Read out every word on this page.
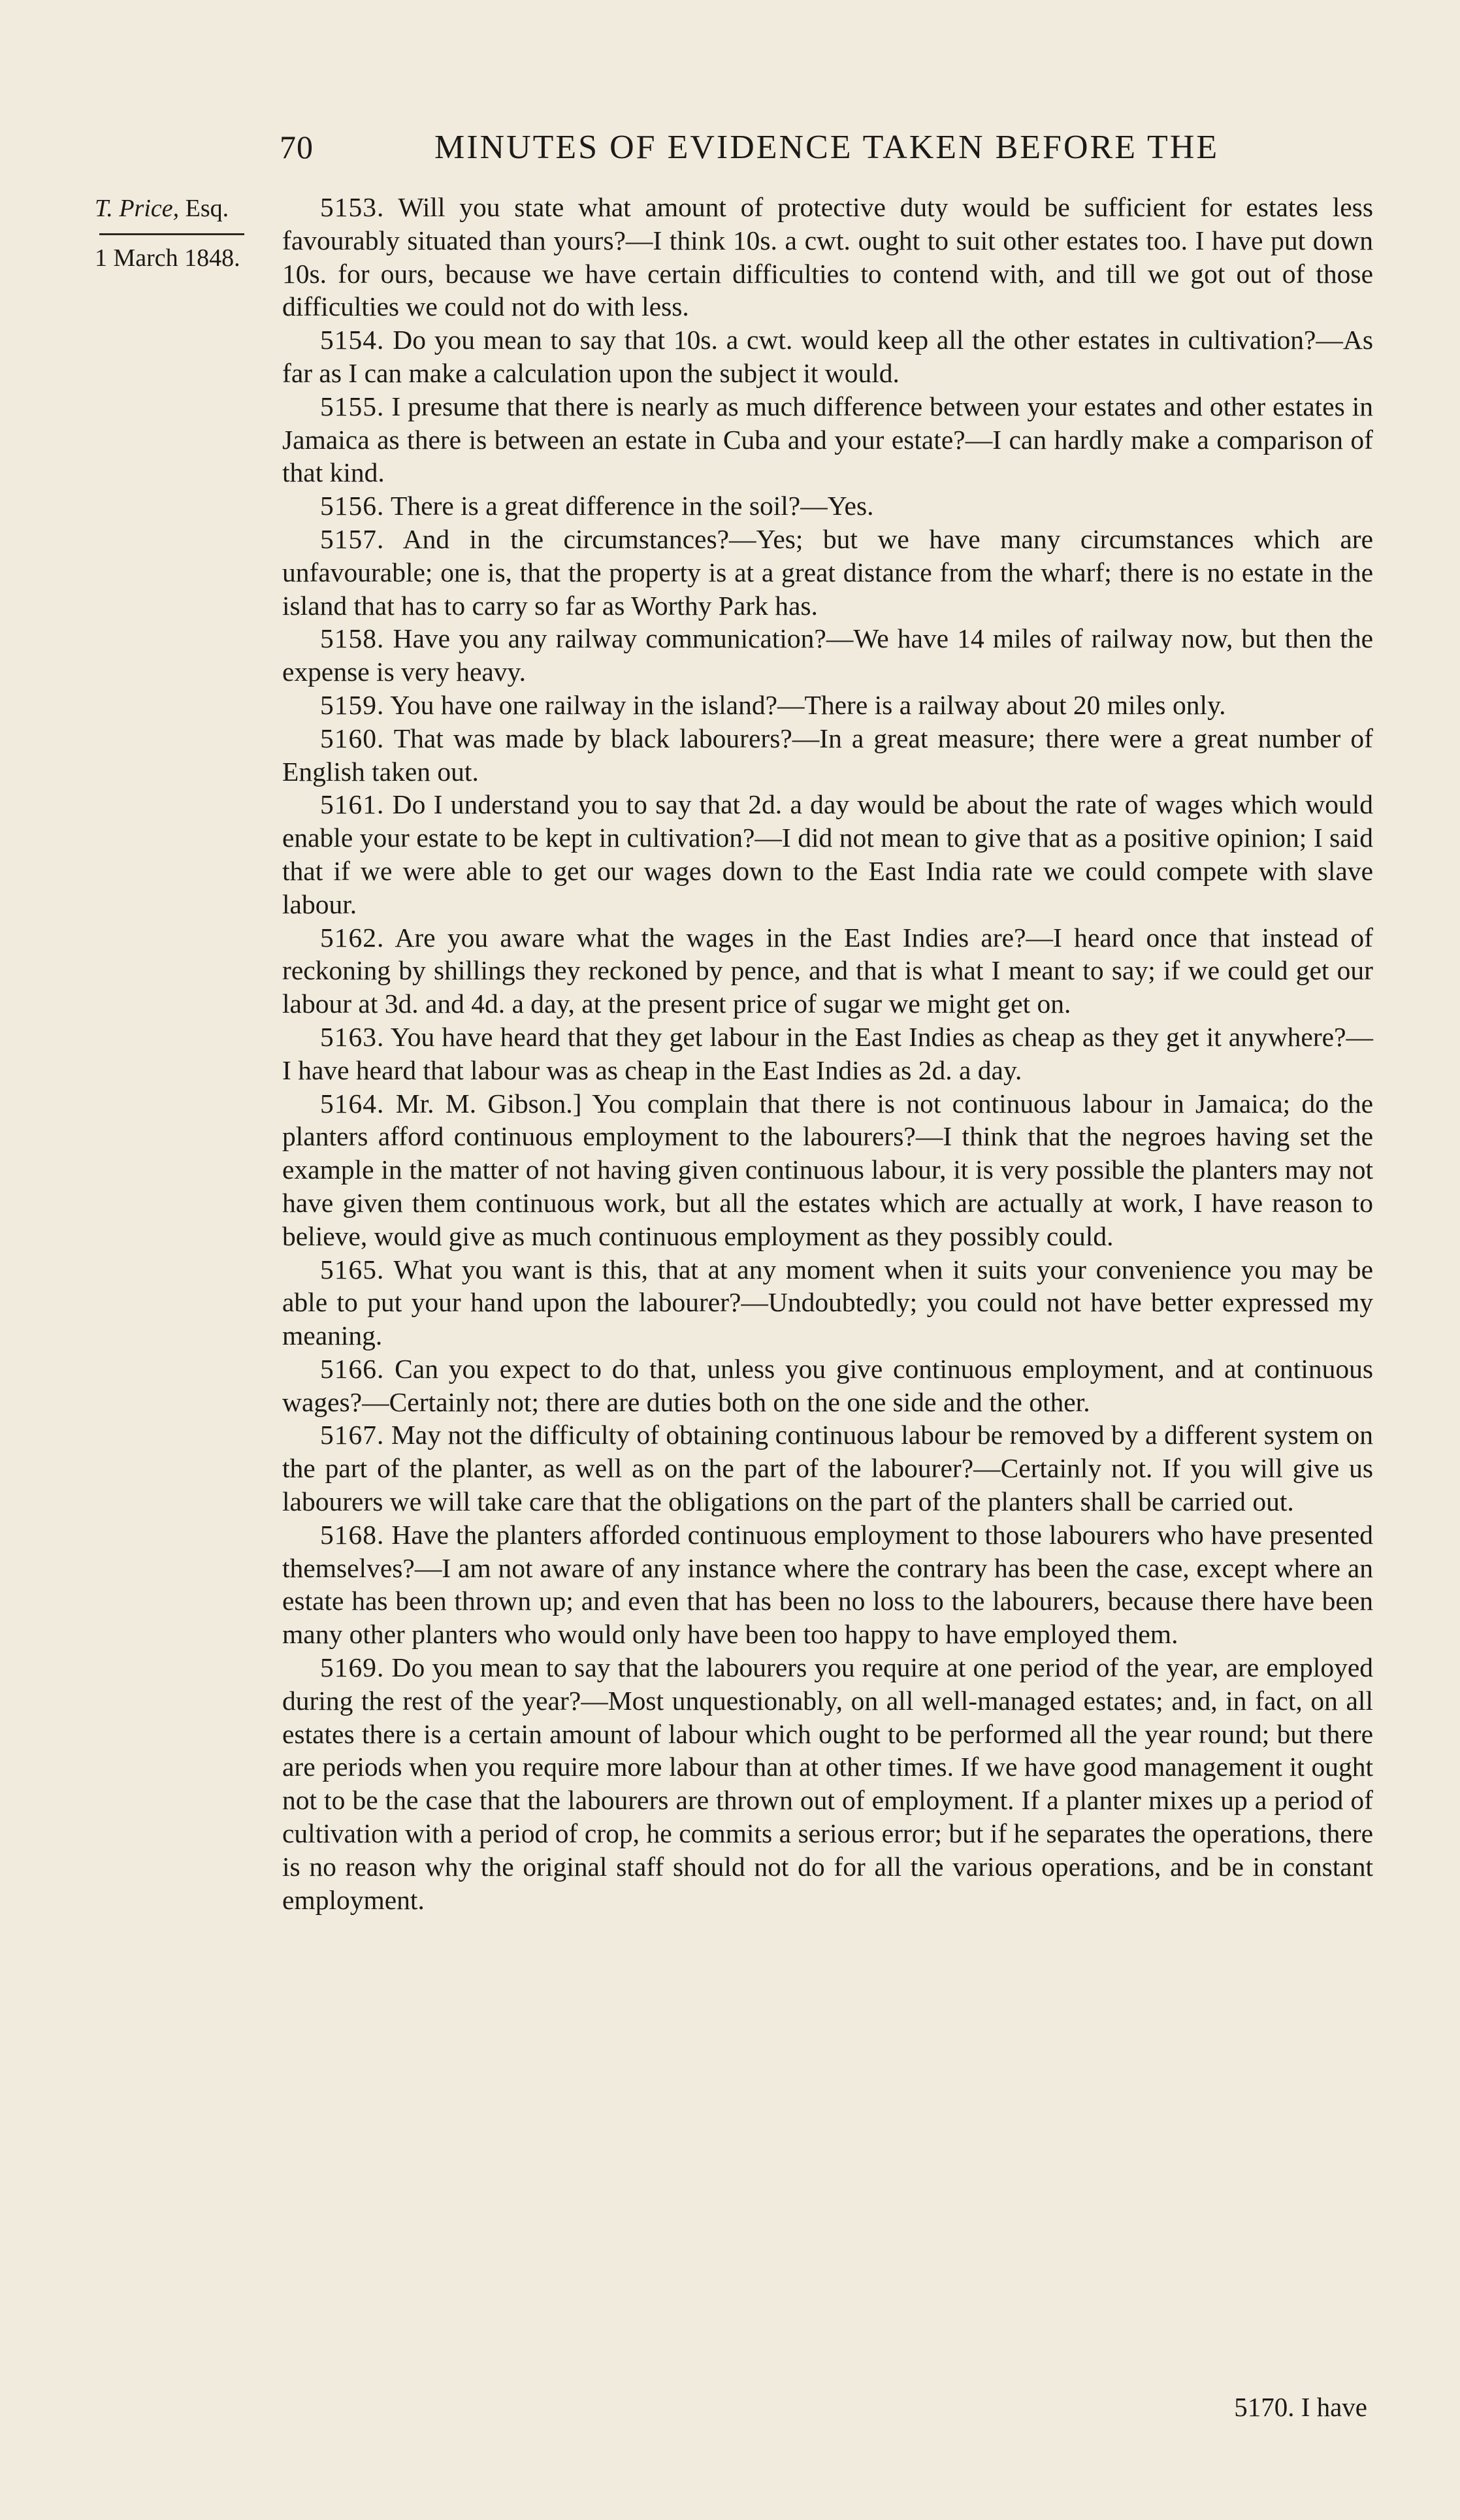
70	MINUTES OF EVIDENCE TAKEN BEFORE THE
T. Price, Esq.
1 March 1848.

5153. Will you state what amount of protective duty would be sufficient for estates less favourably situated than yours?—I think 10s. a cwt. ought to suit other estates too. I have put down 10s. for ours, because we have certain difficulties to contend with, and till we got out of those difficulties we could not do with less.

5154. Do you mean to say that 10s. a cwt. would keep all the other estates in cultivation?—As far as I can make a calculation upon the subject it would.

5155. I presume that there is nearly as much difference between your estates and other estates in Jamaica as there is between an estate in Cuba and your estate?—I can hardly make a comparison of that kind.

5156. There is a great difference in the soil?—Yes.

5157. And in the circumstances?—Yes; but we have many circumstances which are unfavourable; one is, that the property is at a great distance from the wharf; there is no estate in the island that has to carry so far as Worthy Park has.

5158. Have you any railway communication?—We have 14 miles of railway now, but then the expense is very heavy.

5159. You have one railway in the island?—There is a railway about 20 miles only.

5160. That was made by black labourers?—In a great measure; there were a great number of English taken out.

5161. Do I understand you to say that 2d. a day would be about the rate of wages which would enable your estate to be kept in cultivation?—I did not mean to give that as a positive opinion; I said that if we were able to get our wages down to the East India rate we could compete with slave labour.

5162. Are you aware what the wages in the East Indies are?—I heard once that instead of reckoning by shillings they reckoned by pence, and that is what I meant to say; if we could get our labour at 3d. and 4d. a day, at the present price of sugar we might get on.

5163. You have heard that they get labour in the East Indies as cheap as they get it anywhere?—I have heard that labour was as cheap in the East Indies as 2d. a day.

5164. Mr. M. Gibson.] You complain that there is not continuous labour in Jamaica; do the planters afford continuous employment to the labourers?—I think that the negroes having set the example in the matter of not having given continuous labour, it is very possible the planters may not have given them continuous work, but all the estates which are actually at work, I have reason to believe, would give as much continuous employment as they possibly could.

5165. What you want is this, that at any moment when it suits your convenience you may be able to put your hand upon the labourer?—Undoubtedly; you could not have better expressed my meaning.

5166. Can you expect to do that, unless you give continuous employment, and at continuous wages?—Certainly not; there are duties both on the one side and the other.

5167. May not the difficulty of obtaining continuous labour be removed by a different system on the part of the planter, as well as on the part of the labourer?—Certainly not. If you will give us labourers we will take care that the obligations on the part of the planters shall be carried out.

5168. Have the planters afforded continuous employment to those labourers who have presented themselves?—I am not aware of any instance where the contrary has been the case, except where an estate has been thrown up; and even that has been no loss to the labourers, because there have been many other planters who would only have been too happy to have employed them.

5169. Do you mean to say that the labourers you require at one period of the year, are employed during the rest of the year?—Most unquestionably, on all well-managed estates; and, in fact, on all estates there is a certain amount of labour which ought to be performed all the year round; but there are periods when you require more labour than at other times. If we have good management it ought not to be the case that the labourers are thrown out of employment. If a planter mixes up a period of cultivation with a period of crop, he commits a serious error; but if he separates the operations, there is no reason why the original staff should not do for all the various operations, and be in constant employment.

5170. I have
